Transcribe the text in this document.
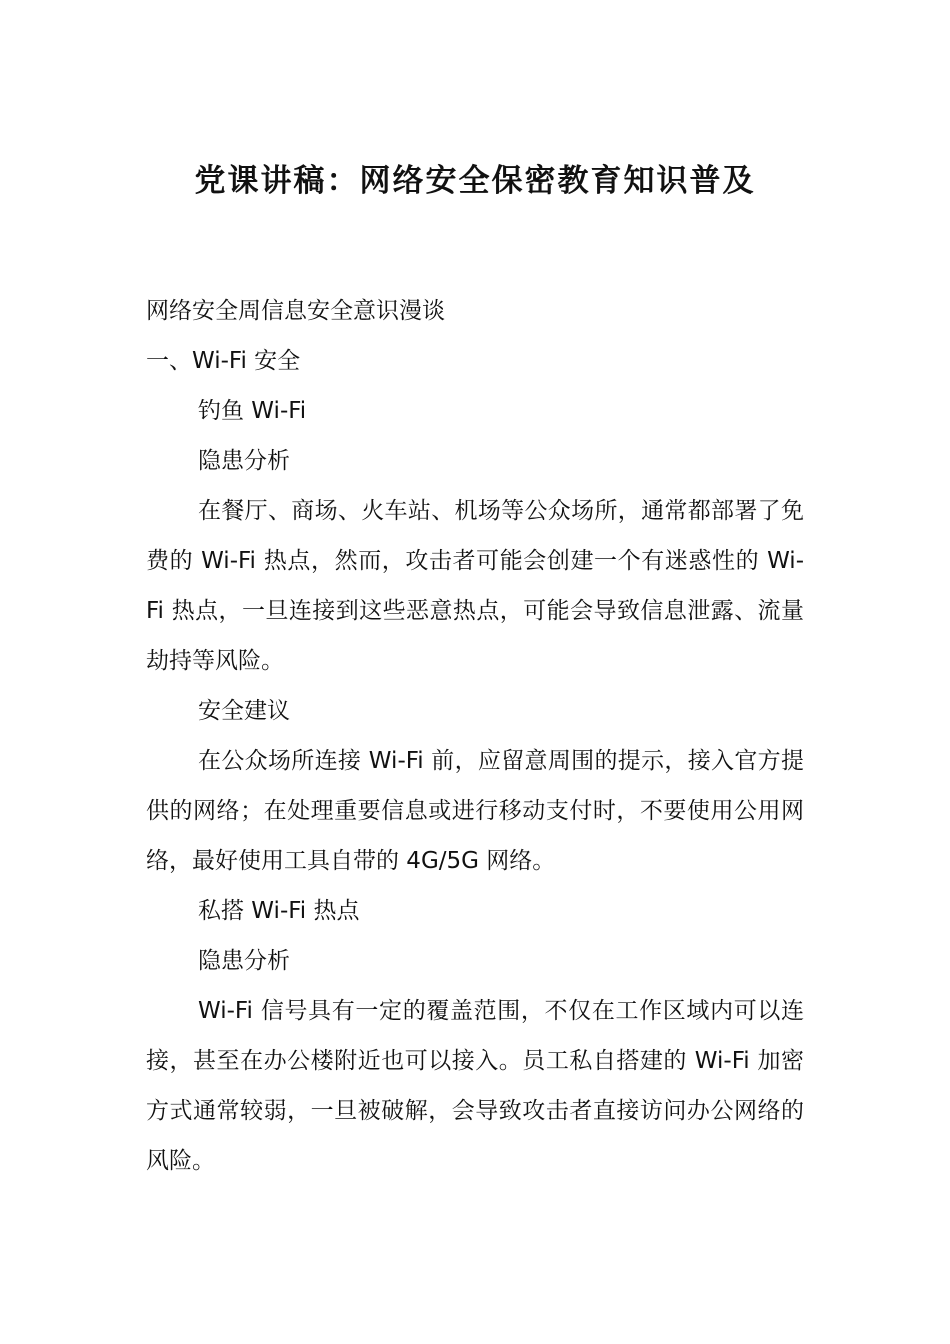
党课讲稿：网络安全保密教育知识普及

网络安全周信息安全意识漫谈

一、Wi-Fi 安全

钓鱼 Wi-Fi

隐患分析

在餐厅、商场、火车站、机场等公众场所，通常都部署了免费的 Wi-Fi 热点，然而，攻击者可能会创建一个有迷惑性的 Wi-Fi 热点，一旦连接到这些恶意热点，可能会导致信息泄露、流量劫持等风险。

安全建议

在公众场所连接 Wi-Fi 前，应留意周围的提示，接入官方提供的网络；在处理重要信息或进行移动支付时，不要使用公用网络，最好使用工具自带的 4G/5G 网络。

私搭 Wi-Fi 热点

隐患分析

Wi-Fi 信号具有一定的覆盖范围，不仅在工作区域内可以连接，甚至在办公楼附近也可以接入。员工私自搭建的 Wi-Fi 加密方式通常较弱，一旦被破解，会导致攻击者直接访问办公网络的风险。
